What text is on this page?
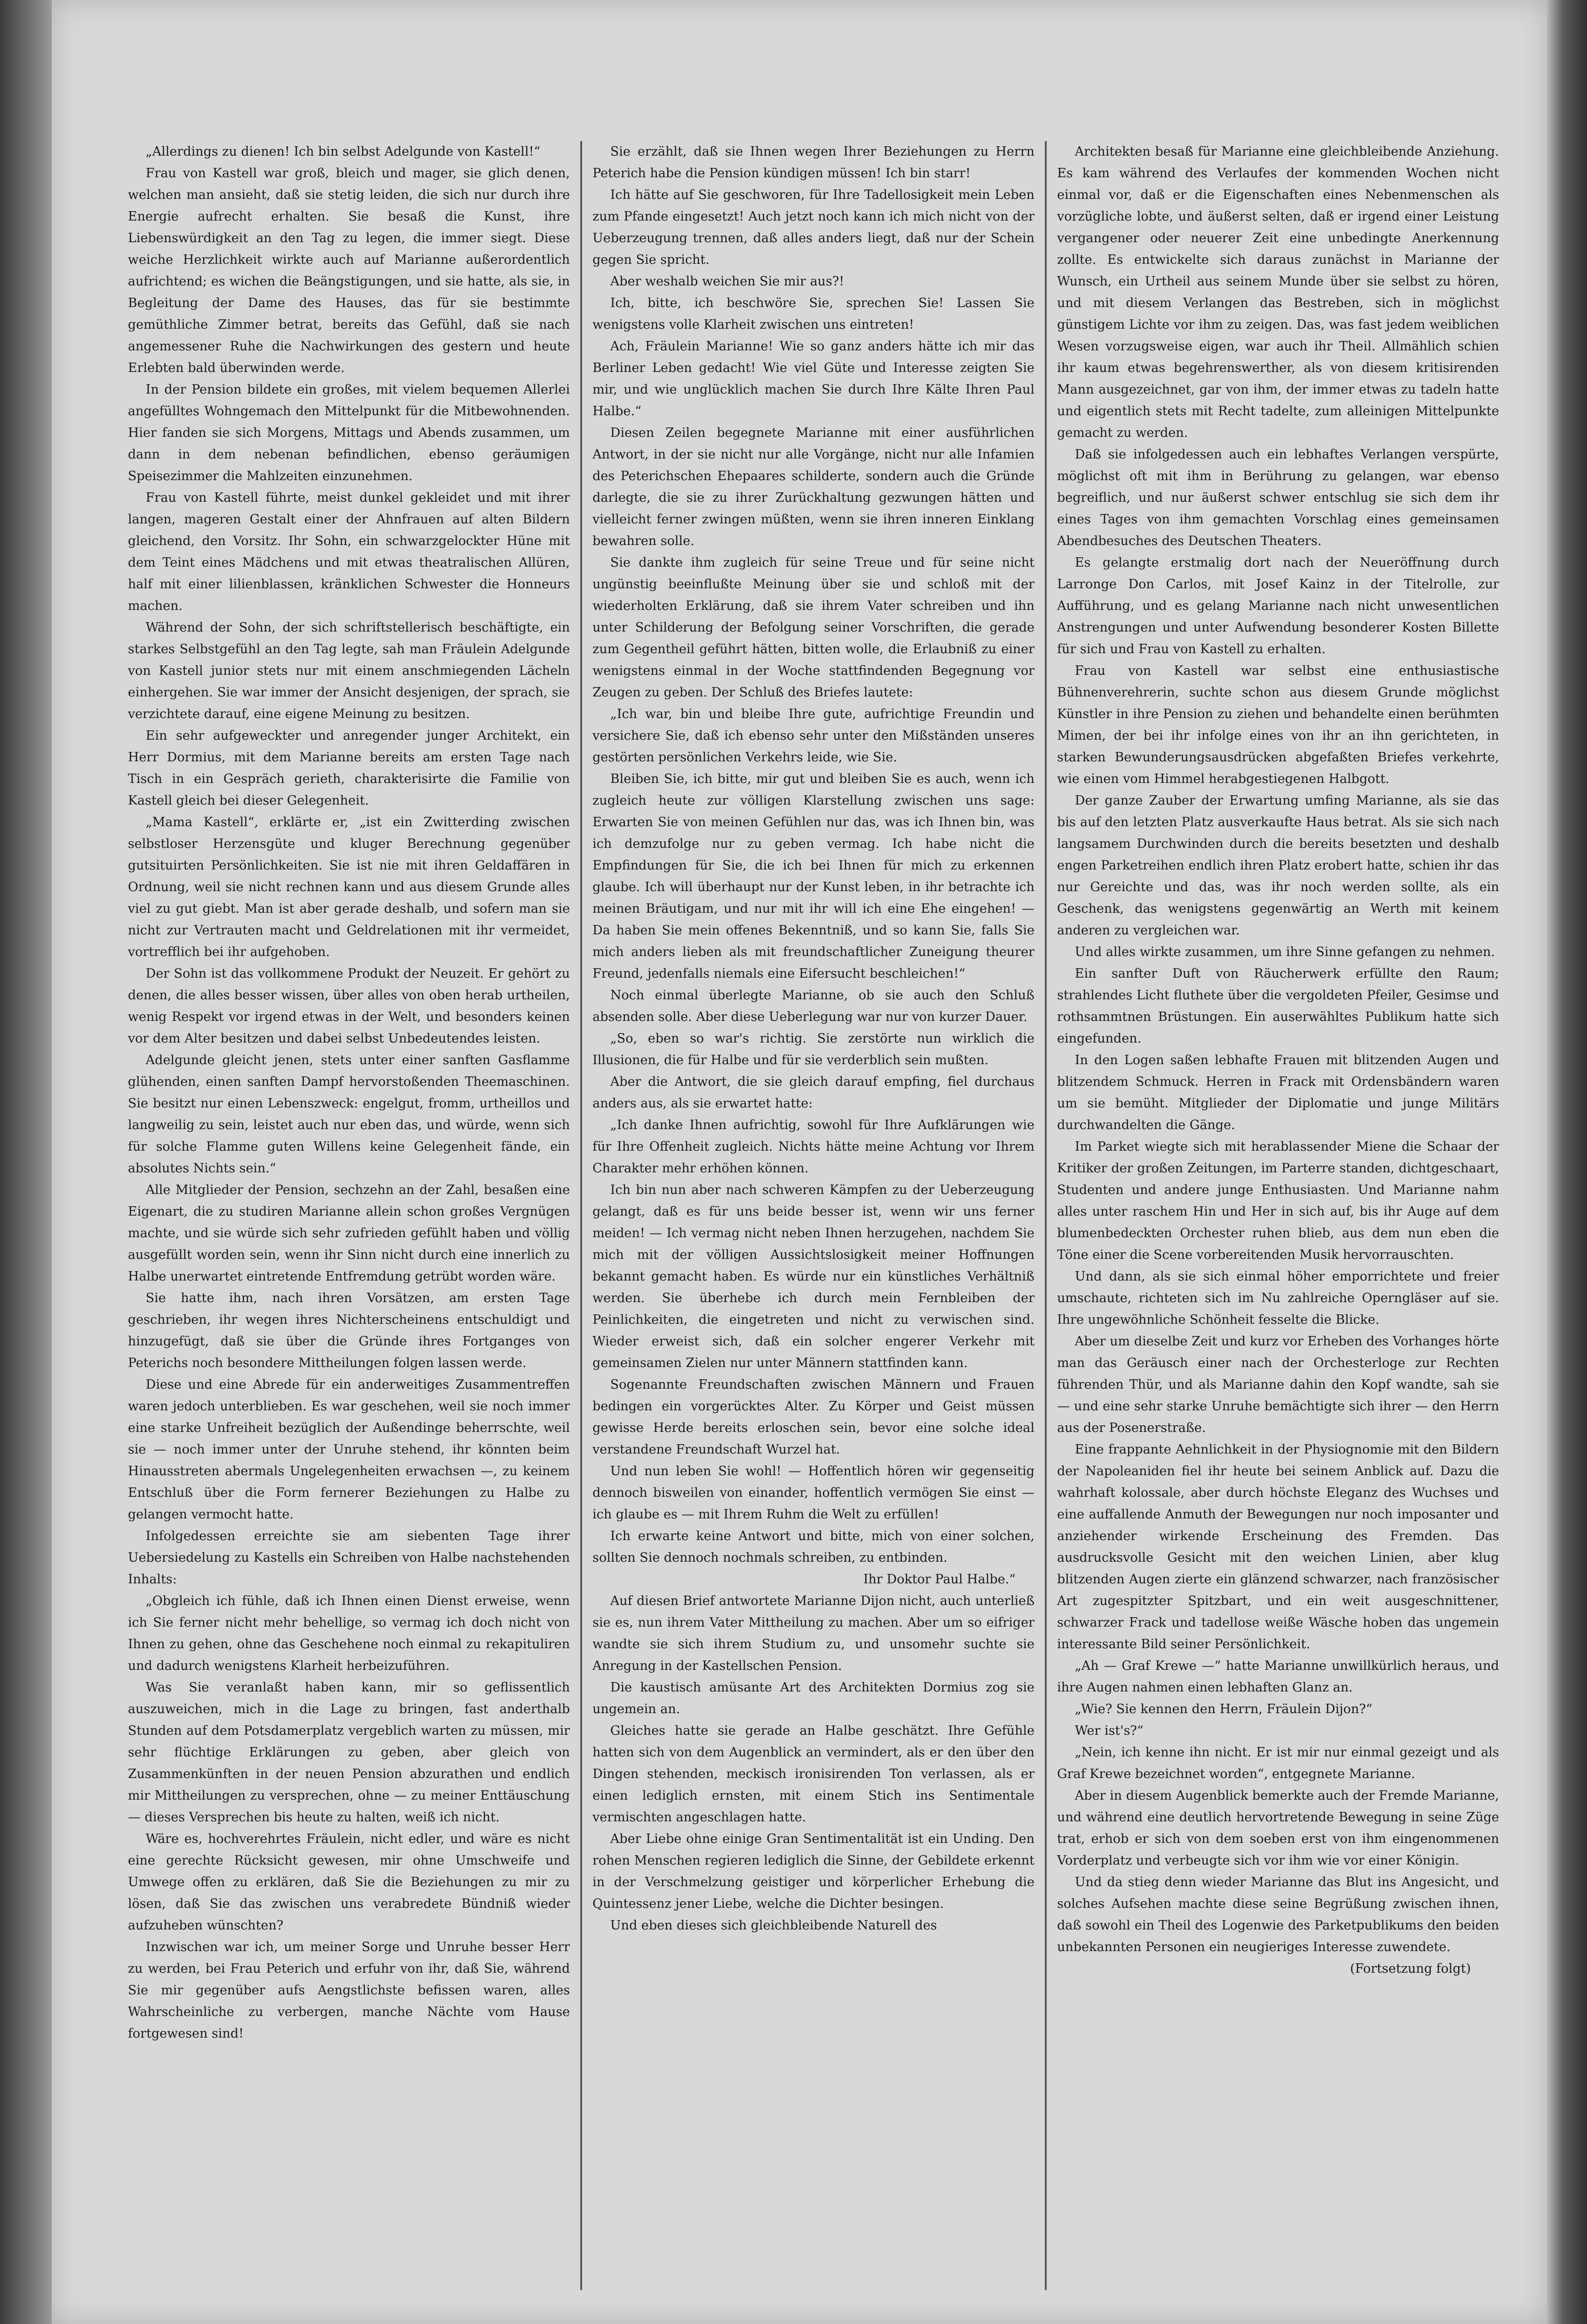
„Allerdings zu dienen! Ich bin selbst Adelgunde von Kastell!“

Frau von Kastell war groß, bleich und mager, sie glich denen, welchen man ansieht, daß sie stetig leiden, die sich nur durch ihre Energie aufrecht erhalten. Sie besaß die Kunst, ihre Liebenswürdigkeit an den Tag zu legen, die immer siegt. Diese weiche Herzlichkeit wirkte auch auf Marianne außerordentlich aufrichtend; es wichen die Beängstigungen, und sie hatte, als sie, in Begleitung der Dame des Hauses, das für sie bestimmte gemüthliche Zimmer betrat, bereits das Gefühl, daß sie nach angemessener Ruhe die Nachwirkungen des gestern und heute Erlebten bald überwinden werde.

In der Pension bildete ein großes, mit vielem bequemen Allerlei angefülltes Wohngemach den Mittelpunkt für die Mitbewohnenden. Hier fanden sie sich Morgens, Mittags und Abends zusammen, um dann in dem nebenan befindlichen, ebenso geräumigen Speisezimmer die Mahlzeiten einzunehmen.

Frau von Kastell führte, meist dunkel gekleidet und mit ihrer langen, mageren Gestalt einer der Ahnfrauen auf alten Bildern gleichend, den Vorsitz. Ihr Sohn, ein schwarzgelockter Hüne mit dem Teint eines Mädchens und mit etwas theatralischen Allüren, half mit einer lilienblassen, kränklichen Schwester die Honneurs machen.

Während der Sohn, der sich schriftstellerisch beschäftigte, ein starkes Selbstgefühl an den Tag legte, sah man Fräulein Adelgunde von Kastell junior stets nur mit einem anschmiegenden Lächeln einhergehen. Sie war immer der Ansicht desjenigen, der sprach, sie verzichtete darauf, eine eigene Meinung zu besitzen.

Ein sehr aufgeweckter und anregender junger Architekt, ein Herr Dormius, mit dem Marianne bereits am ersten Tage nach Tisch in ein Gespräch gerieth, charakterisirte die Familie von Kastell gleich bei dieser Gelegenheit.

„Mama Kastell“, erklärte er, „ist ein Zwitterding zwischen selbstloser Herzensgüte und kluger Berechnung gegenüber gutsituirten Persönlichkeiten. Sie ist nie mit ihren Geldaffären in Ordnung, weil sie nicht rechnen kann und aus diesem Grunde alles viel zu gut giebt. Man ist aber gerade deshalb, und sofern man sie nicht zur Vertrauten macht und Geldrelationen mit ihr vermeidet, vortrefflich bei ihr aufgehoben.

Der Sohn ist das vollkommene Produkt der Neuzeit. Er gehört zu denen, die alles besser wissen, über alles von oben herab urtheilen, wenig Respekt vor irgend etwas in der Welt, und besonders keinen vor dem Alter besitzen und dabei selbst Unbedeutendes leisten.

Adelgunde gleicht jenen, stets unter einer sanften Gasflamme glühenden, einen sanften Dampf hervorstoßenden Theemaschinen. Sie besitzt nur einen Lebenszweck: engelgut, fromm, urtheillos und langweilig zu sein, leistet auch nur eben das, und würde, wenn sich für solche Flamme guten Willens keine Gelegenheit fände, ein absolutes Nichts sein.“

Alle Mitglieder der Pension, sechzehn an der Zahl, besaßen eine Eigenart, die zu studiren Marianne allein schon großes Vergnügen machte, und sie würde sich sehr zufrieden gefühlt haben und völlig ausgefüllt worden sein, wenn ihr Sinn nicht durch eine innerlich zu Halbe unerwartet eintretende Entfremdung getrübt worden wäre.

Sie hatte ihm, nach ihren Vorsätzen, am ersten Tage geschrieben, ihr wegen ihres Nichterscheinens entschuldigt und hinzugefügt, daß sie über die Gründe ihres Fortganges von Peterichs noch besondere Mittheilungen folgen lassen werde.

Diese und eine Abrede für ein anderweitiges Zusammentreffen waren jedoch unterblieben. Es war geschehen, weil sie noch immer eine starke Unfreiheit bezüglich der Außendinge beherrschte, weil sie — noch immer unter der Unruhe stehend, ihr könnten beim Hinausstreten abermals Ungelegenheiten erwachsen —, zu keinem Entschluß über die Form fernerer Beziehungen zu Halbe zu gelangen vermocht hatte.

Infolgedessen erreichte sie am siebenten Tage ihrer Uebersiedelung zu Kastells ein Schreiben von Halbe nachstehenden Inhalts:

„Obgleich ich fühle, daß ich Ihnen einen Dienst erweise, wenn ich Sie ferner nicht mehr behellige, so vermag ich doch nicht von Ihnen zu gehen, ohne das Geschehene noch einmal zu rekapituliren und dadurch wenigstens Klarheit herbeizuführen.

Was Sie veranlaßt haben kann, mir so geflissentlich auszuweichen, mich in die Lage zu bringen, fast anderthalb Stunden auf dem Potsdamerplatz vergeblich warten zu müssen, mir sehr flüchtige Erklärungen zu geben, aber gleich von Zusammenkünften in der neuen Pension abzurathen und endlich mir Mittheilungen zu versprechen, ohne — zu meiner Enttäuschung — dieses Versprechen bis heute zu halten, weiß ich nicht.

Wäre es, hochverehrtes Fräulein, nicht edler, und wäre es nicht eine gerechte Rücksicht gewesen, mir ohne Umschweife und Umwege offen zu erklären, daß Sie die Beziehungen zu mir zu lösen, daß Sie das zwischen uns verabredete Bündniß wieder aufzuheben wünschten?

Inzwischen war ich, um meiner Sorge und Unruhe besser Herr zu werden, bei Frau Peterich und erfuhr von ihr, daß Sie, während Sie mir gegenüber aufs Aengstlichste befissen waren, alles Wahrscheinliche zu verbergen, manche Nächte vom Hause fortgewesen sind!

Sie erzählt, daß sie Ihnen wegen Ihrer Beziehungen zu Herrn Peterich habe die Pension kündigen müssen! Ich bin starr!

Ich hätte auf Sie geschworen, für Ihre Tadellosigkeit mein Leben zum Pfande eingesetzt! Auch jetzt noch kann ich mich nicht von der Ueberzeugung trennen, daß alles anders liegt, daß nur der Schein gegen Sie spricht.

Aber weshalb weichen Sie mir aus?!

Ich, bitte, ich beschwöre Sie, sprechen Sie! Lassen Sie wenigstens volle Klarheit zwischen uns eintreten!

Ach, Fräulein Marianne! Wie so ganz anders hätte ich mir das Berliner Leben gedacht! Wie viel Güte und Interesse zeigten Sie mir, und wie unglücklich machen Sie durch Ihre Kälte Ihren Paul Halbe.“

Diesen Zeilen begegnete Marianne mit einer ausführlichen Antwort, in der sie nicht nur alle Vorgänge, nicht nur alle Infamien des Peterichschen Ehepaares schilderte, sondern auch die Gründe darlegte, die sie zu ihrer Zurückhaltung gezwungen hätten und vielleicht ferner zwingen müßten, wenn sie ihren inneren Einklang bewahren solle.

Sie dankte ihm zugleich für seine Treue und für seine nicht ungünstig beeinflußte Meinung über sie und schloß mit der wiederholten Erklärung, daß sie ihrem Vater schreiben und ihn unter Schilderung der Befolgung seiner Vorschriften, die gerade zum Gegentheil geführt hätten, bitten wolle, die Erlaubniß zu einer wenigstens einmal in der Woche stattfindenden Begegnung vor Zeugen zu geben. Der Schluß des Briefes lautete:

„Ich war, bin und bleibe Ihre gute, aufrichtige Freundin und versichere Sie, daß ich ebenso sehr unter den Mißständen unseres gestörten persönlichen Verkehrs leide, wie Sie.

Bleiben Sie, ich bitte, mir gut und bleiben Sie es auch, wenn ich zugleich heute zur völligen Klarstellung zwischen uns sage: Erwarten Sie von meinen Gefühlen nur das, was ich Ihnen bin, was ich demzufolge nur zu geben vermag. Ich habe nicht die Empfindungen für Sie, die ich bei Ihnen für mich zu erkennen glaube. Ich will überhaupt nur der Kunst leben, in ihr betrachte ich meinen Bräutigam, und nur mit ihr will ich eine Ehe eingehen! — Da haben Sie mein offenes Bekenntniß, und so kann Sie, falls Sie mich anders lieben als mit freundschaftlicher Zuneigung theurer Freund, jedenfalls niemals eine Eifersucht beschleichen!“

Noch einmal überlegte Marianne, ob sie auch den Schluß absenden solle. Aber diese Ueberlegung war nur von kurzer Dauer.

„So, eben so war's richtig. Sie zerstörte nun wirklich die Illusionen, die für Halbe und für sie verderblich sein mußten.

Aber die Antwort, die sie gleich darauf empfing, fiel durchaus anders aus, als sie erwartet hatte:

„Ich danke Ihnen aufrichtig, sowohl für Ihre Aufklärungen wie für Ihre Offenheit zugleich. Nichts hätte meine Achtung vor Ihrem Charakter mehr erhöhen können.

Ich bin nun aber nach schweren Kämpfen zu der Ueberzeugung gelangt, daß es für uns beide besser ist, wenn wir uns ferner meiden! — Ich vermag nicht neben Ihnen herzugehen, nachdem Sie mich mit der völligen Aussichtslosigkeit meiner Hoffnungen bekannt gemacht haben. Es würde nur ein künstliches Verhältniß werden. Sie überhebe ich durch mein Fernbleiben der Peinlichkeiten, die eingetreten und nicht zu verwischen sind. Wieder erweist sich, daß ein solcher engerer Verkehr mit gemeinsamen Zielen nur unter Männern stattfinden kann.

Sogenannte Freundschaften zwischen Männern und Frauen bedingen ein vorgerücktes Alter. Zu Körper und Geist müssen gewisse Herde bereits erloschen sein, bevor eine solche ideal verstandene Freundschaft Wurzel hat.

Und nun leben Sie wohl! — Hoffentlich hören wir gegenseitig dennoch bisweilen von einander, hoffentlich vermögen Sie einst — ich glaube es — mit Ihrem Ruhm die Welt zu erfüllen!

Ich erwarte keine Antwort und bitte, mich von einer solchen, sollten Sie dennoch nochmals schreiben, zu entbinden.

Ihr Doktor Paul Halbe.“

Auf diesen Brief antwortete Marianne Dijon nicht, auch unterließ sie es, nun ihrem Vater Mittheilung zu machen. Aber um so eifriger wandte sie sich ihrem Studium zu, und unsomehr suchte sie Anregung in der Kastellschen Pension.

Die kaustisch amüsante Art des Architekten Dormius zog sie ungemein an.

Gleiches hatte sie gerade an Halbe geschätzt. Ihre Gefühle hatten sich von dem Augenblick an vermindert, als er den über den Dingen stehenden, meckisch ironisirenden Ton verlassen, als er einen lediglich ernsten, mit einem Stich ins Sentimentale vermischten angeschlagen hatte.

Aber Liebe ohne einige Gran Sentimentalität ist ein Unding. Den rohen Menschen regieren lediglich die Sinne, der Gebildete erkennt in der Verschmelzung geistiger und körperlicher Erhebung die Quintessenz jener Liebe, welche die Dichter besingen.

Und eben dieses sich gleichbleibende Naturell des

Architekten besaß für Marianne eine gleichbleibende Anziehung. Es kam während des Verlaufes der kommenden Wochen nicht einmal vor, daß er die Eigenschaften eines Nebenmenschen als vorzügliche lobte, und äußerst selten, daß er irgend einer Leistung vergangener oder neuerer Zeit eine unbedingte Anerkennung zollte. Es entwickelte sich daraus zunächst in Marianne der Wunsch, ein Urtheil aus seinem Munde über sie selbst zu hören, und mit diesem Verlangen das Bestreben, sich in möglichst günstigem Lichte vor ihm zu zeigen. Das, was fast jedem weiblichen Wesen vorzugsweise eigen, war auch ihr Theil. Allmählich schien ihr kaum etwas begehrenswerther, als von diesem kritisirenden Mann ausgezeichnet, gar von ihm, der immer etwas zu tadeln hatte und eigentlich stets mit Recht tadelte, zum alleinigen Mittelpunkte gemacht zu werden.

Daß sie infolgedessen auch ein lebhaftes Verlangen verspürte, möglichst oft mit ihm in Berührung zu gelangen, war ebenso begreiflich, und nur äußerst schwer entschlug sie sich dem ihr eines Tages von ihm gemachten Vorschlag eines gemeinsamen Abendbesuches des Deutschen Theaters.

Es gelangte erstmalig dort nach der Neueröffnung durch Larronge Don Carlos, mit Josef Kainz in der Titelrolle, zur Aufführung, und es gelang Marianne nach nicht unwesentlichen Anstrengungen und unter Aufwendung besonderer Kosten Billette für sich und Frau von Kastell zu erhalten.

Frau von Kastell war selbst eine enthusiastische Bühnenverehrerin, suchte schon aus diesem Grunde möglichst Künstler in ihre Pension zu ziehen und behandelte einen berühmten Mimen, der bei ihr infolge eines von ihr an ihn gerichteten, in starken Bewunderungsausdrücken abgefaßten Briefes verkehrte, wie einen vom Himmel herabgestiegenen Halbgott.

Der ganze Zauber der Erwartung umfing Marianne, als sie das bis auf den letzten Platz ausverkaufte Haus betrat. Als sie sich nach langsamem Durchwinden durch die bereits besetzten und deshalb engen Parketreihen endlich ihren Platz erobert hatte, schien ihr das nur Gereichte und das, was ihr noch werden sollte, als ein Geschenk, das wenigstens gegenwärtig an Werth mit keinem anderen zu vergleichen war.

Und alles wirkte zusammen, um ihre Sinne gefangen zu nehmen.

Ein sanfter Duft von Räucherwerk erfüllte den Raum; strahlendes Licht fluthete über die vergoldeten Pfeiler, Gesimse und rothsammtnen Brüstungen. Ein auserwähltes Publikum hatte sich eingefunden.

In den Logen saßen lebhafte Frauen mit blitzenden Augen und blitzendem Schmuck. Herren in Frack mit Ordensbändern waren um sie bemüht. Mitglieder der Diplomatie und junge Militärs durchwandelten die Gänge.

Im Parket wiegte sich mit herablassender Miene die Schaar der Kritiker der großen Zeitungen, im Parterre standen, dichtgeschaart, Studenten und andere junge Enthusiasten. Und Marianne nahm alles unter raschem Hin und Her in sich auf, bis ihr Auge auf dem blumenbedeckten Orchester ruhen blieb, aus dem nun eben die Töne einer die Scene vorbereitenden Musik hervorrauschten.

Und dann, als sie sich einmal höher emporrichtete und freier umschaute, richteten sich im Nu zahlreiche Operngläser auf sie. Ihre ungewöhnliche Schönheit fesselte die Blicke.

Aber um dieselbe Zeit und kurz vor Erheben des Vorhanges hörte man das Geräusch einer nach der Orchesterloge zur Rechten führenden Thür, und als Marianne dahin den Kopf wandte, sah sie — und eine sehr starke Unruhe bemächtigte sich ihrer — den Herrn aus der Posenerstraße.

Eine frappante Aehnlichkeit in der Physiognomie mit den Bildern der Napoleaniden fiel ihr heute bei seinem Anblick auf. Dazu die wahrhaft kolossale, aber durch höchste Eleganz des Wuchses und eine auffallende Anmuth der Bewegungen nur noch imposanter und anziehender wirkende Erscheinung des Fremden. Das ausdrucksvolle Gesicht mit den weichen Linien, aber klug blitzenden Augen zierte ein glänzend schwarzer, nach französischer Art zugespitzter Spitzbart, und ein weit ausgeschnittener, schwarzer Frack und tadellose weiße Wäsche hoben das ungemein interessante Bild seiner Persönlichkeit.

„Ah — Graf Krewe —“ hatte Marianne unwillkürlich heraus, und ihre Augen nahmen einen lebhaften Glanz an.

„Wie? Sie kennen den Herrn, Fräulein Dijon?“

Wer ist's?“

„Nein, ich kenne ihn nicht. Er ist mir nur einmal gezeigt und als Graf Krewe bezeichnet worden“, entgegnete Marianne.

Aber in diesem Augenblick bemerkte auch der Fremde Marianne, und während eine deutlich hervortretende Bewegung in seine Züge trat, erhob er sich von dem soeben erst von ihm eingenommenen Vorderplatz und verbeugte sich vor ihm wie vor einer Königin.

Und da stieg denn wieder Marianne das Blut ins Angesicht, und solches Aufsehen machte diese seine Begrüßung zwischen ihnen, daß sowohl ein Theil des Logenwie des Parketpublikums den beiden unbekannten Personen ein neugieriges Interesse zuwendete.

(Fortsetzung folgt)
